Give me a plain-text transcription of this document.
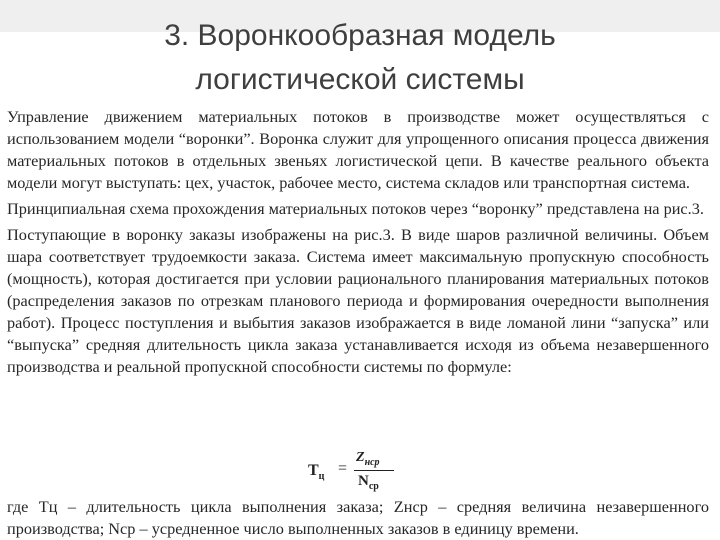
3. Воронкообразная модель
логистической системы

Управление движением материальных потоков в производстве может осуществляться с использованием модели “воронки”. Воронка служит для упрощенного описания процесса движения материальных потоков в отдельных звеньях логистической цепи. В качестве реального объекта модели могут выступать: цех, участок, рабочее место, система складов или транспортная система.

Принципиальная схема прохождения материальных потоков через “воронку” представлена на рис.3.

Поступающие в воронку заказы изображены на рис.3. В виде шаров различной величины. Объем шара соответствует трудоемкости заказа. Система имеет максимальную пропускную способность (мощность), которая достигается при условии рационального планирования материальных потоков (распределения заказов по отрезкам планового периода и формирования очередности выполнения работ). Процесс поступления и выбытия заказов изображается в виде ломаной лини “запуска” или “выпуска” средняя длительность цикла заказа устанавливается исходя из объема незавершенного производства и реальной пропускной способности системы по формуле:

$Т_ц$ =
$Z_{нср}$
$N_{ср}$

где Тц – длительность цикла выполнения заказа; Zнср – средняя величина незавершенного производства; Nср – усредненное число выполненных заказов в единицу времени.
